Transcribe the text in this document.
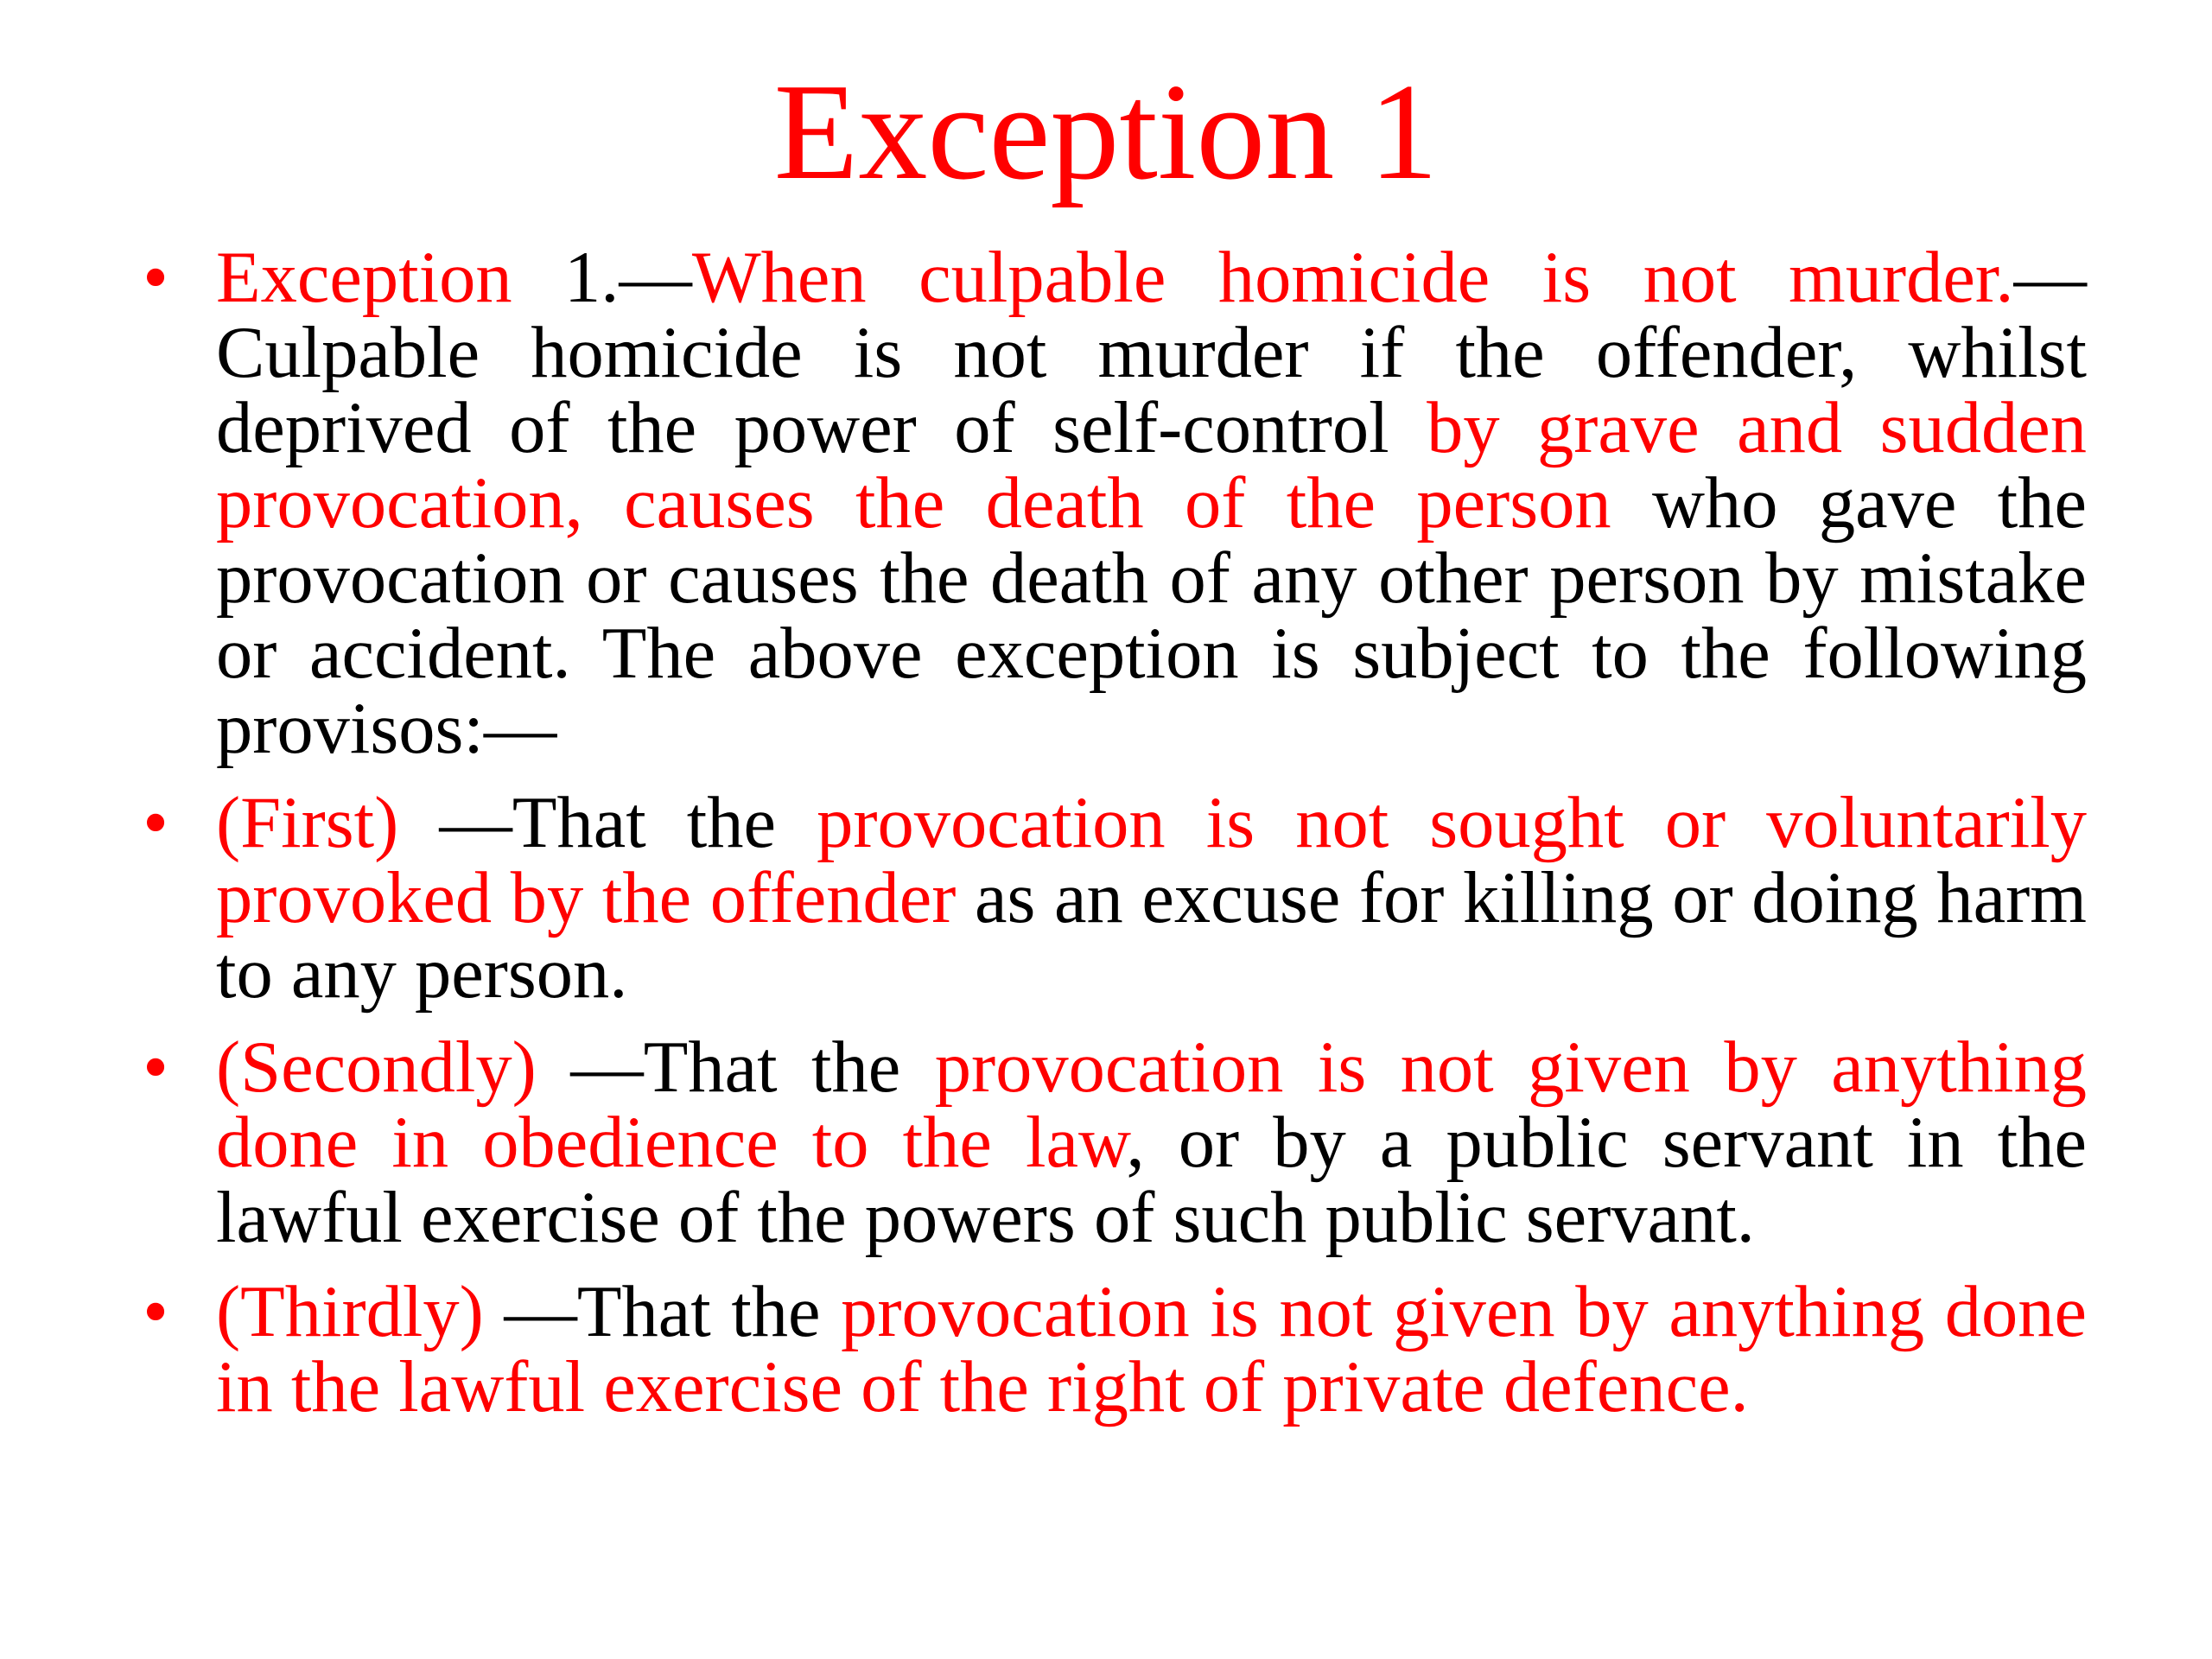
Exception 1
• Exception 1.—When culpable homicide is not murder.— Culpable homicide is not murder if the offender, whilst deprived of the power of self-control by grave and sudden provocation, causes the death of the person who gave the provocation or causes the death of any other person by mistake or accident. The above exception is subject to the following provisos:—
• (First) —That the provocation is not sought or voluntarily provoked by the offender as an excuse for killing or doing harm to any person.
• (Secondly) —That the provocation is not given by anything done in obedience to the law, or by a public servant in the lawful exercise of the powers of such public servant.
• (Thirdly) —That the provocation is not given by anything done in the lawful exercise of the right of private defence.
